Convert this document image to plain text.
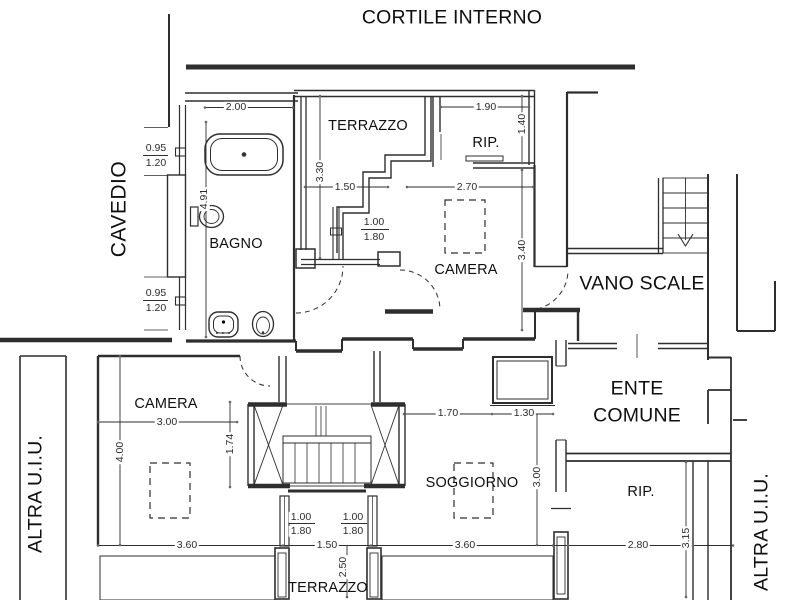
CORTILE INTERNO
CAVEDIO
TERRAZZO
RIP.
BAGNO
CAMERA
VANO SCALE
ENTE
COMUNE
CAMERA
SOGGIORNO
RIP.
TERRAZZO
ALTRA U.I.U.	ALTRA U.I.U.
2.00
0.95
1.20
4.91
0.95
1.20
3.30
1.50
1.00
1.80
1.90
1.40
2.70
3.40
3.00
4.00	1.74
1.70	1.30
3.00
1.00
1.80
1.00
1.80
1.50
2.50
3.60	3.60	2.80	3.15
